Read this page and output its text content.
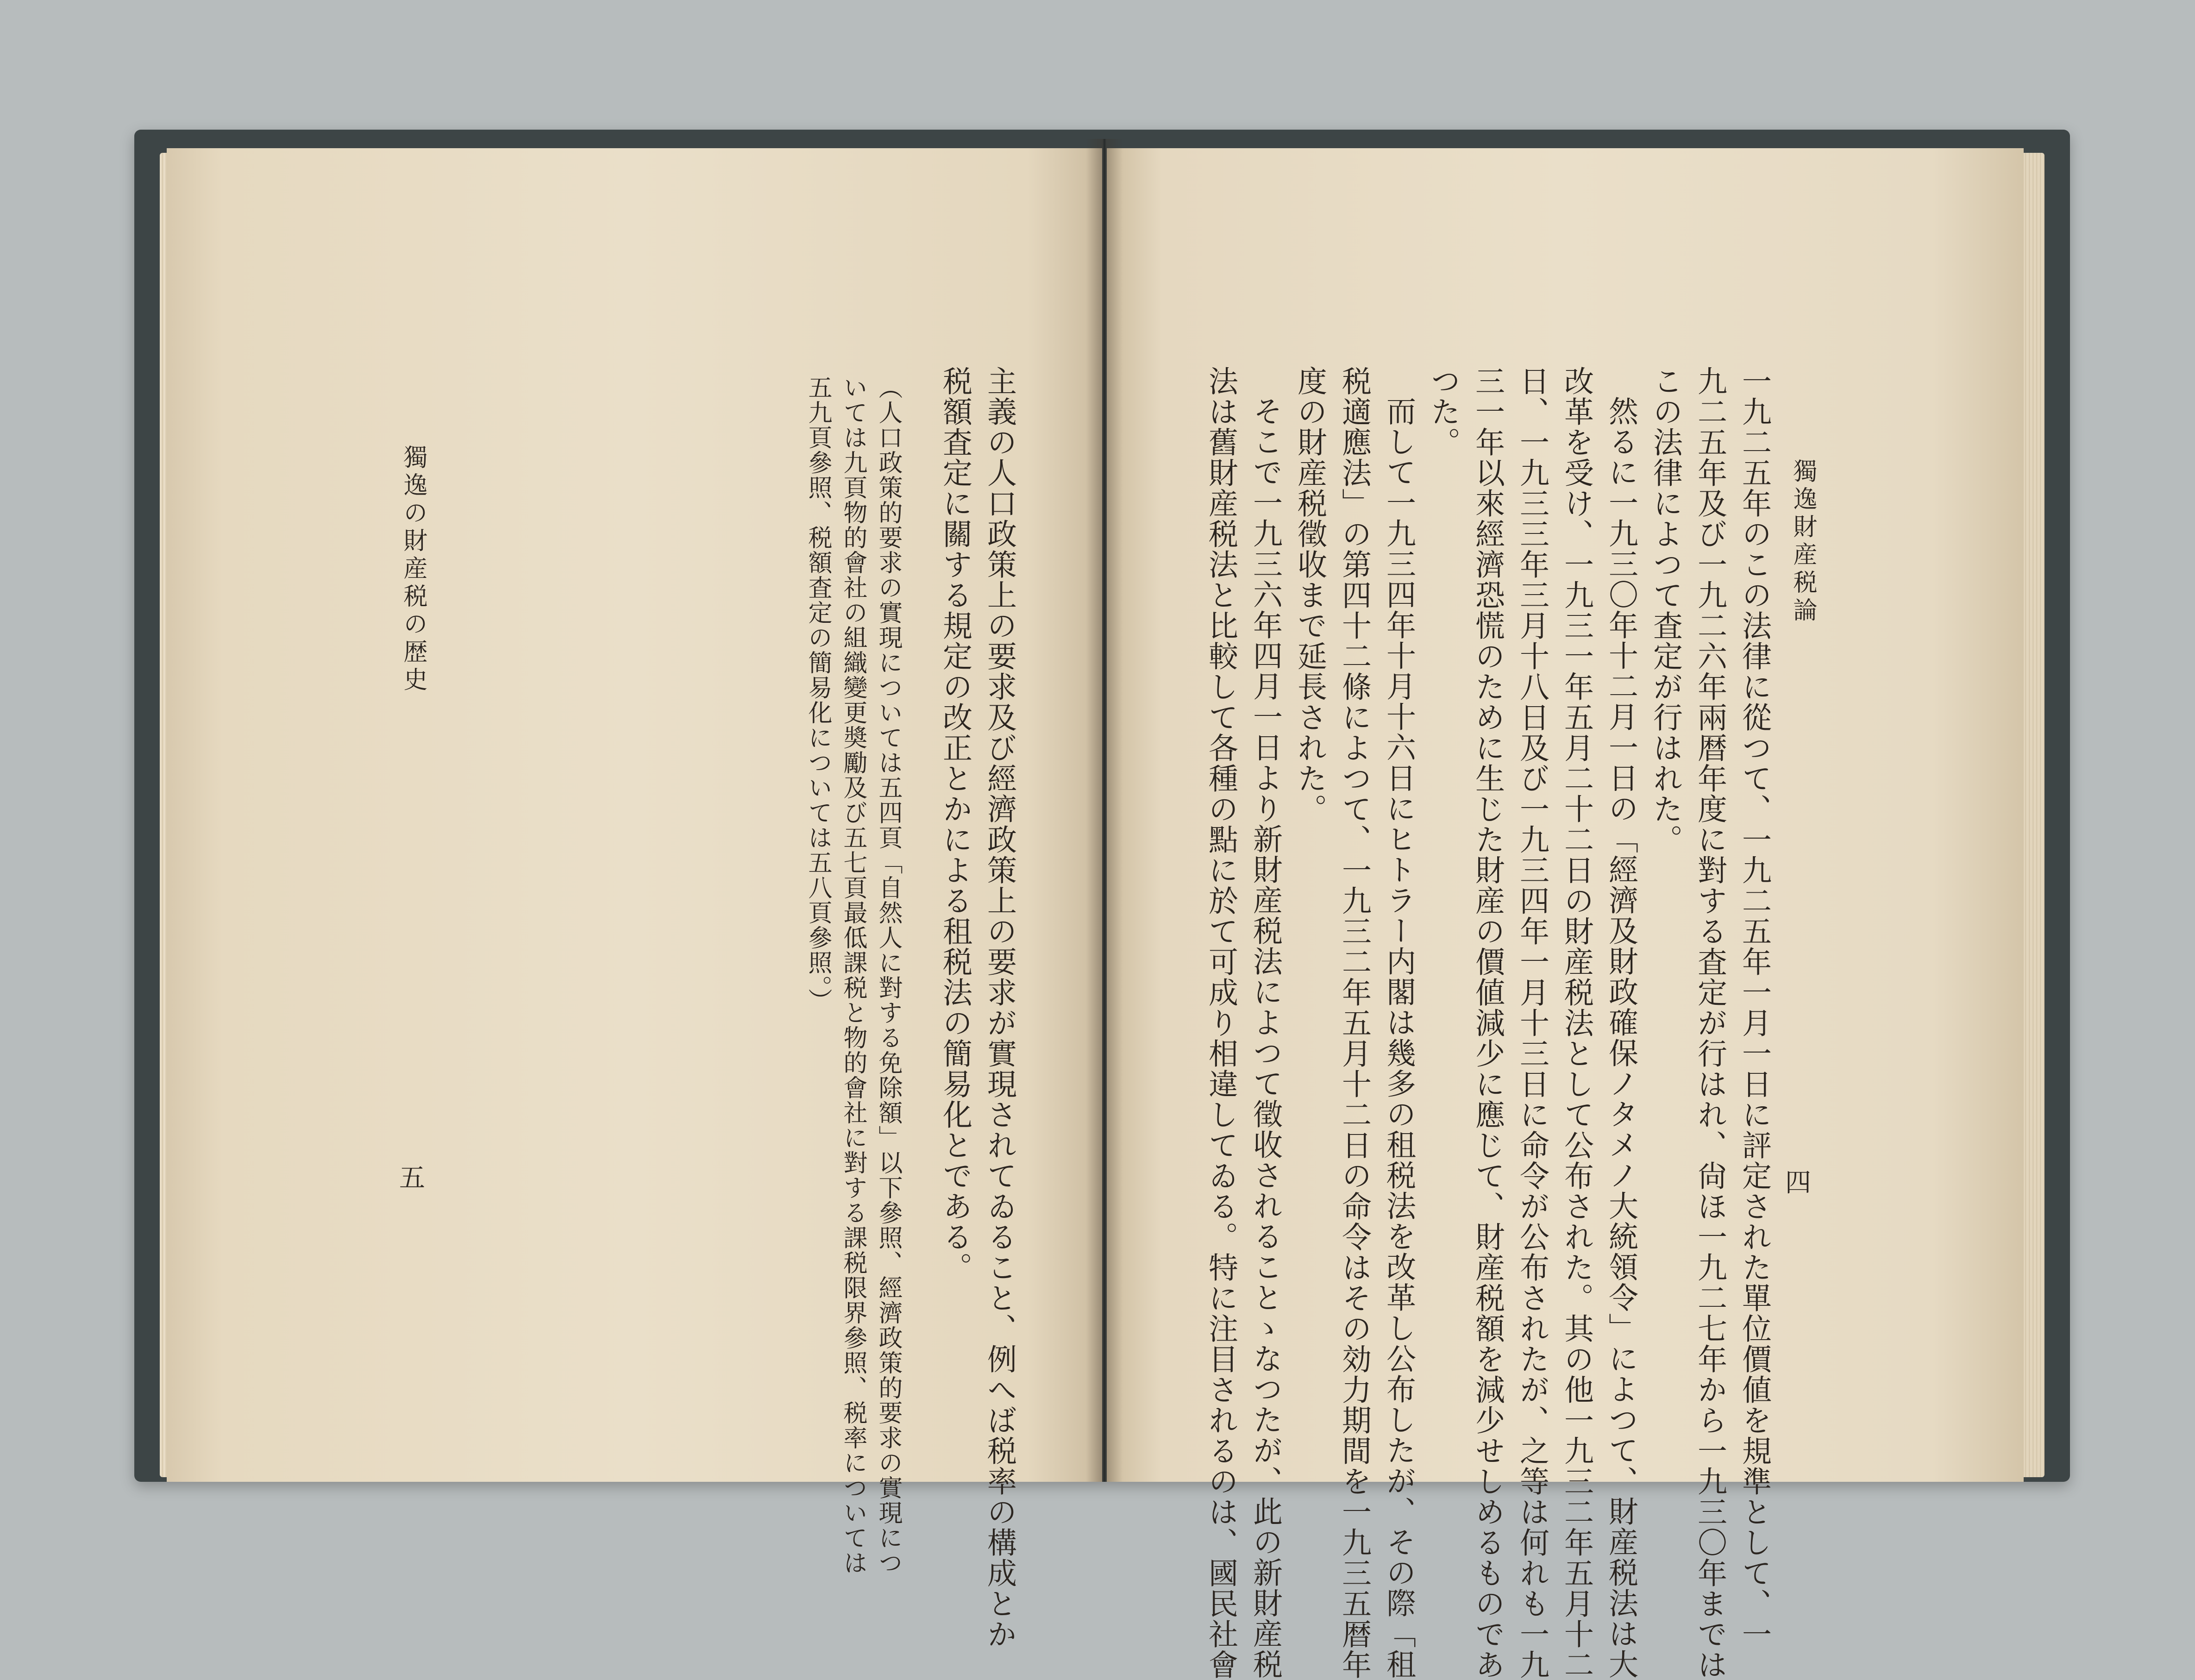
獨逸の財産税の歴史
五	主義の人口政策上の要求及び經濟政策上の要求が實現されてゐること、例へば税率の構成とか
税額査定に關する規定の改正とかによる租税法の簡易化とである。
（人口政策的要求の實現については五四頁「自然人に對する免除額」以下參照、經濟政策的要求の實現につ
いては九頁物的會社の組織變更奬勵及び五七頁最低課税と物的會社に對する課税限界參照、税率については
五九頁參照、税額査定の簡易化については五八頁參照。）	獨逸財産税論
四
一九二五年のこの法律に從つて、一九二五年一月一日に評定された單位價値を規準として、一
九二五年及び一九二六年兩暦年度に對する査定が行はれ、尙ほ一九二七年から一九三〇年までは
この法律によつて査定が行はれた。
然るに一九三〇年十二月一日の「經濟及財政確保ノタメノ大統領令」によつて、財産税法は大
改革を受け、一九三一年五月二十二日の財産税法として公布された。其の他一九三二年五月十二
日、一九三三年三月十八日及び一九三四年一月十三日に命令が公布されたが、之等は何れも一九
三一年以來經濟恐慌のために生じた財産の價値減少に應じて、財産税額を減少せしめるものであ
つた。
而して一九三四年十月十六日にヒトラー内閣は幾多の租税法を改革し公布したが、その際「租
税適應法」の第四十二條によつて、一九三二年五月十二日の命令はその効力期間を一九三五暦年
度の財産税徵收まで延長された。
そこで一九三六年四月一日より新財産税法によつて徵收されることゝなつたが、此の新財産税
法は舊財産税法と比較して各種の點に於て可成り相違してゐる。特に注目されるのは、國民社會
